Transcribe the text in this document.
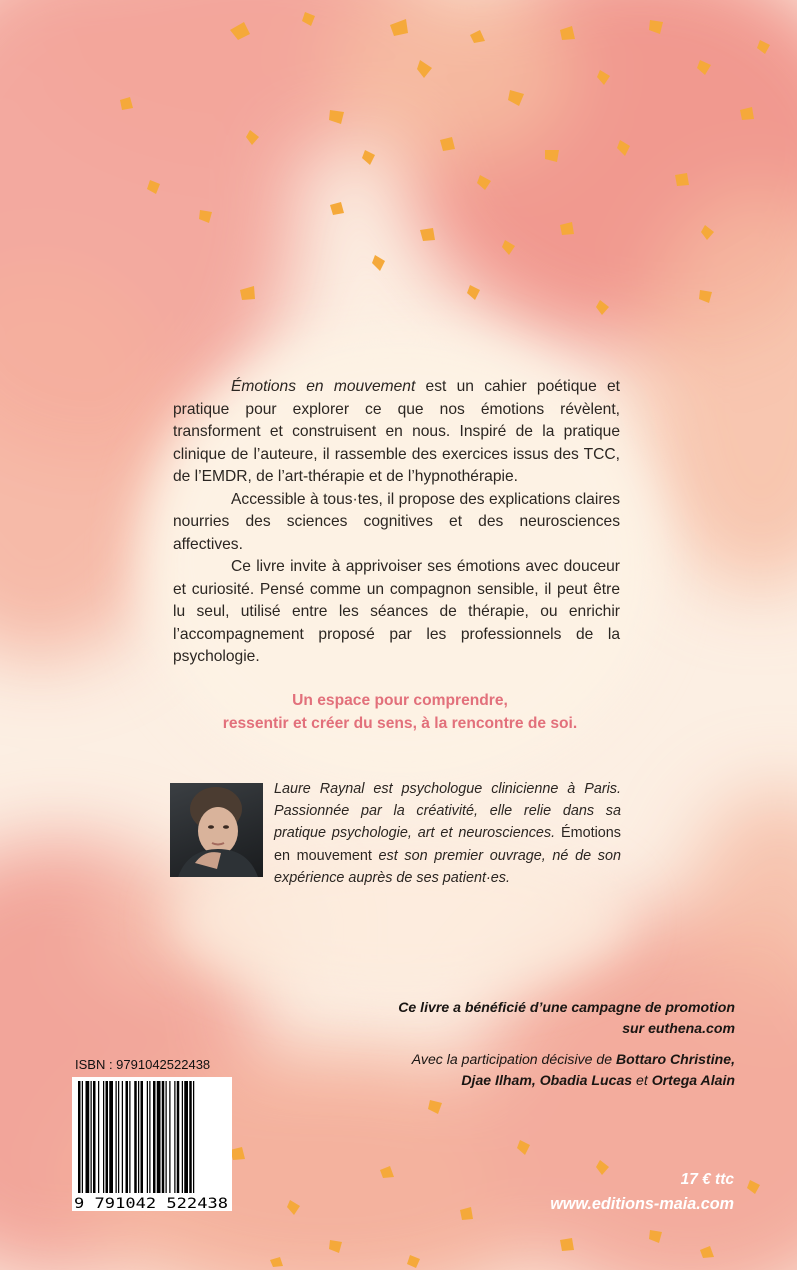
Émotions en mouvement est un cahier poétique et pratique pour explorer ce que nos émotions révèlent, transforment et construisent en nous. Inspiré de la pratique clinique de l’auteure, il rassemble des exercices issus des TCC, de l’EMDR, de l’art-thérapie et de l’hypnothérapie.

Accessible à tous·tes, il propose des explications claires nourries des sciences cognitives et des neurosciences affectives.

Ce livre invite à apprivoiser ses émotions avec douceur et curiosité. Pensé comme un compagnon sensible, il peut être lu seul, utilisé entre les séances de thérapie, ou enrichir l’accompagnement proposé par les professionnels de la psychologie.

Un espace pour comprendre,

ressentir et créer du sens, à la rencontre de soi.

Laure Raynal est psychologue clinicienne à Paris. Passionnée par la créativité, elle relie dans sa pratique psychologie, art et neurosciences. Émotions en mouvement est son premier ouvrage, né de son expérience auprès de ses patient·es.

Ce livre a bénéficié d’une campagne de promotion

sur euthena.com

Avec la participation décisive de Bottaro Christine,

Djae Ilham, Obadia Lucas et Ortega Alain

ISBN : 9791042522438

9 791042 522438

17 € ttc

www.editions-maia.com
